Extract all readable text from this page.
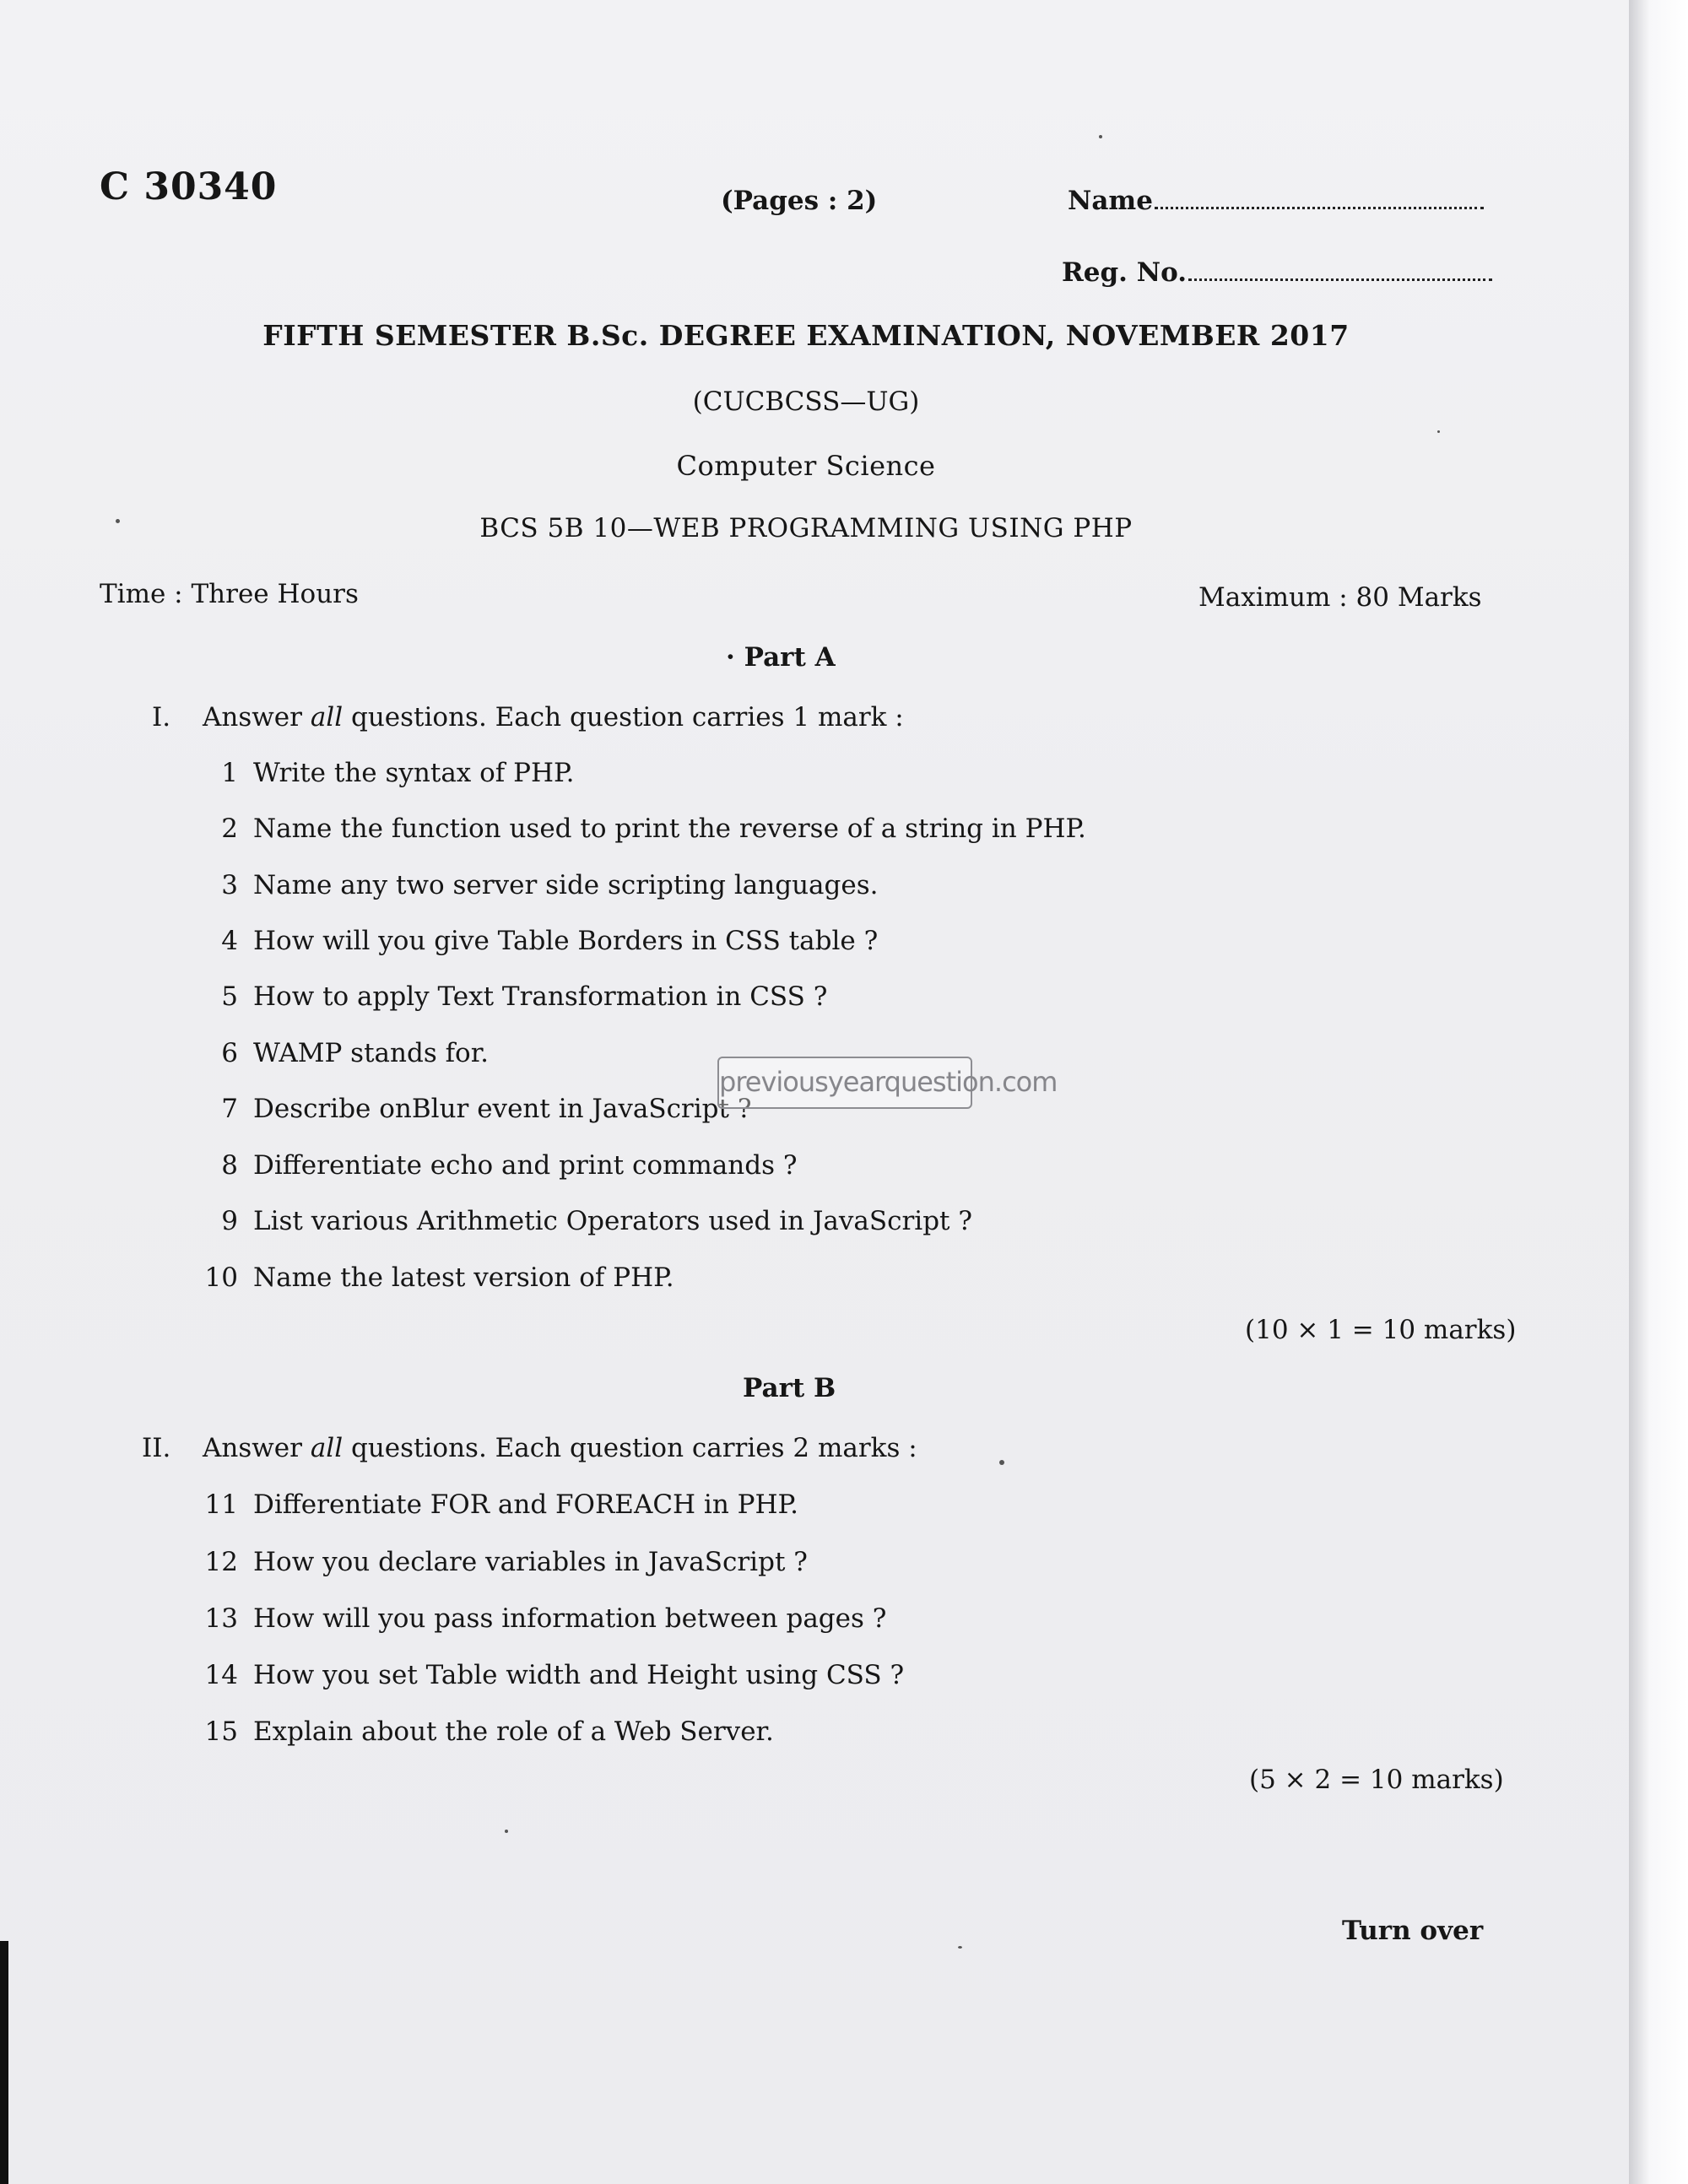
C 30340	(Pages : 2)	Name
Reg. No.
FIFTH SEMESTER B.Sc. DEGREE EXAMINATION, NOVEMBER 2017
(CUCBCSS—UG)
Computer Science
BCS 5B 10—WEB PROGRAMMING USING PHP
Time : Three Hours	Maximum : 80 Marks
· Part A
I. Answer all questions. Each question carries 1 mark :
1 Write the syntax of PHP.
2 Name the function used to print the reverse of a string in PHP.
3 Name any two server side scripting languages.
4 How will you give Table Borders in CSS table ?
5 How to apply Text Transformation in CSS ?
6 WAMP stands for.
7 Describe onBlur event in JavaScript ?
8 Differentiate echo and print commands ?
9 List various Arithmetic Operators used in JavaScript ?
10 Name the latest version of PHP.
(10 × 1 = 10 marks)
Part B
II. Answer all questions. Each question carries 2 marks :
11 Differentiate FOR and FOREACH in PHP.
12 How you declare variables in JavaScript ?
13 How will you pass information between pages ?
14 How you set Table width and Height using CSS ?
15 Explain about the role of a Web Server.
(5 × 2 = 10 marks)
Turn over
previousyearquestion.com
